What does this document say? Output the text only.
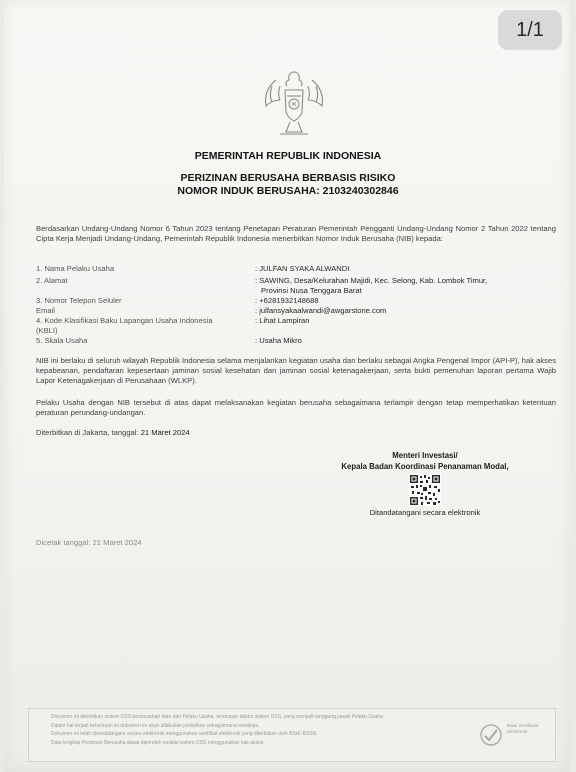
1/1
PEMERINTAH REPUBLIK INDONESIA
PERIZINAN BERUSAHA BERBASIS RISIKO
NOMOR INDUK BERUSAHA: 2103240302846
Berdasarkan Undang-Undang Nomor 6 Tahun 2023 tentang Penetapan Peraturan Pemerintah Pengganti Undang-Undang Nomor 2 Tahun 2022 tentang Cipta Kerja Menjadi Undang-Undang, Pemerintah Republik Indonesia menerbitkan Nomor Induk Berusaha (NIB) kepada:
1. Nama Pelaku Usaha	: JULFAN SYAKA ALWANDI
2. Alamat	: SAWING, Desa/Kelurahan Majidi, Kec. Selong, Kab. Lombok Timur,
Provinsi Nusa Tenggara Barat
3. Nomor Telepon Seluler	: +6281932148688
Email	: julfansyakaalwandi@awgarstone.com
4. Kode Klasifikasi Baku Lapangan Usaha Indonesia	: Lihat Lampiran
(KBLI)
5. Skala Usaha	: Usaha Mikro
NIB ini berlaku di seluruh wilayah Republik Indonesia selama menjalankan kegiatan usaha dan berlaku sebagai Angka Pengenal Impor (API-P), hak akses kepabeanan, pendaftaran kepesertaan jaminan sosial kesehatan dan jaminan sosial ketenagakerjaan, serta bukti pemenuhan laporan pertama Wajib Lapor Ketenagakerjaan di Perusahaan (WLKP).
Pelaku Usaha dengan NIB tersebut di atas dapat melaksanakan kegiatan berusaha sebagaimana terlampir dengan tetap memperhatikan ketentuan peraturan perundang-undangan.
Diterbitkan di Jakarta, tanggal: 21 Maret 2024
Menteri Investasi/
Kepala Badan Koordinasi Penanaman Modal,
Ditandatangani secara elektronik
Dicetak tanggal: 21 Maret 2024
1. Dokumen ini diterbitkan sistem OSS berdasarkan data dari Pelaku Usaha, tersimpan dalam sistem OSS, yang menjadi tanggung jawab Pelaku Usaha.
2. Dalam hal terjadi kekeliruan isi dokumen ini akan dilakukan perbaikan sebagaimana mestinya.
3. Dokumen ini telah ditandatangani secara elektronik menggunakan sertifikat elektronik yang diterbitkan oleh BSrE-BSSN.
4. Data lengkap Perizinan Berusaha dapat diperoleh melalui sistem OSS menggunakan hak akses.
Balai Sertifikasi Elektronik
